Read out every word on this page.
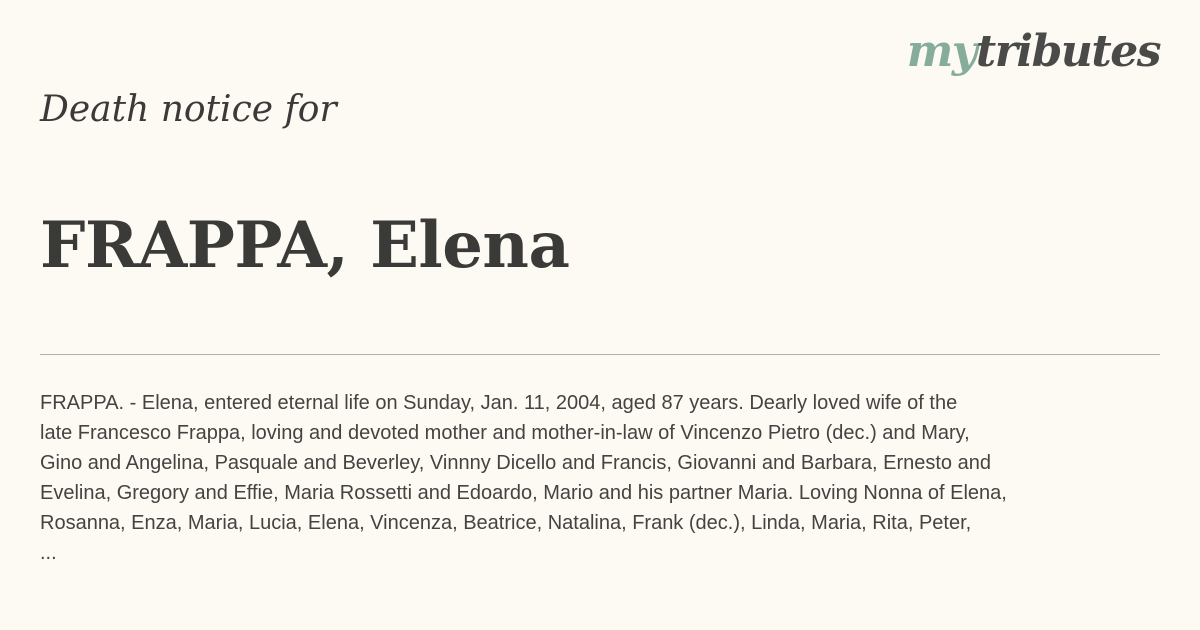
mytributes
Death notice for
FRAPPA, Elena
FRAPPA. - Elena, entered eternal life on Sunday, Jan. 11, 2004, aged 87 years. Dearly loved wife of the
late Francesco Frappa, loving and devoted mother and mother-in-law of Vincenzo Pietro (dec.) and Mary,
Gino and Angelina, Pasquale and Beverley, Vinnny Dicello and Francis, Giovanni and Barbara, Ernesto and
Evelina, Gregory and Effie, Maria Rossetti and Edoardo, Mario and his partner Maria. Loving Nonna of Elena,
Rosanna, Enza, Maria, Lucia, Elena, Vincenza, Beatrice, Natalina, Frank (dec.), Linda, Maria, Rita, Peter,
...
